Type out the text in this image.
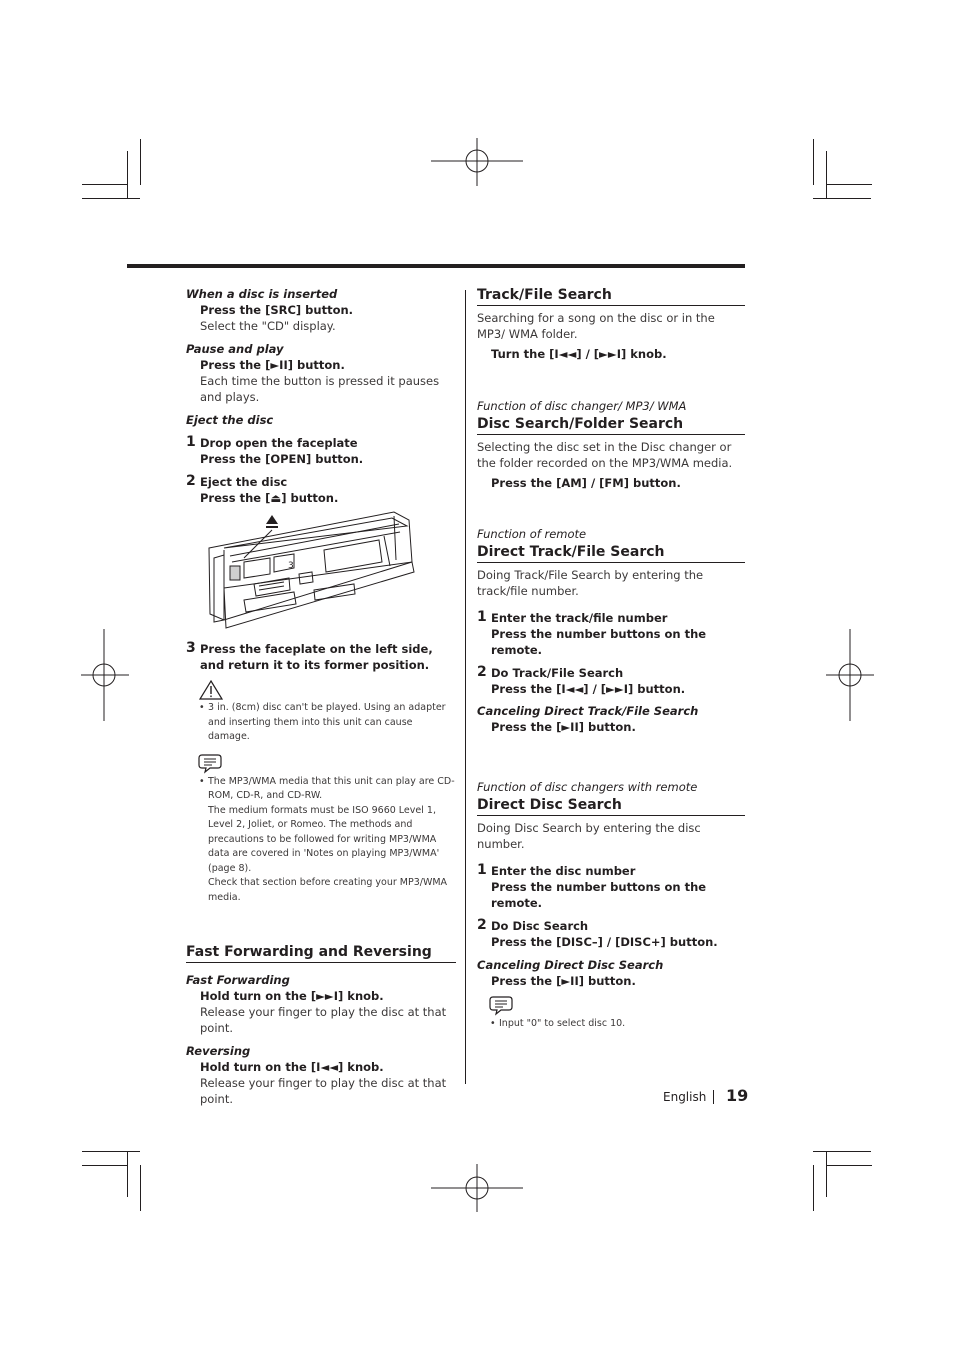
When a disc is inserted
Press the [SRC] button.
Select the "CD" display.
Pause and play
Press the [►II] button.
Each time the button is pressed it pauses and plays.
Eject the disc
1 Drop open the faceplate
Press the [OPEN] button.
2 Eject the disc
Press the [⏏] button.
3
3 Press the faceplate on the left side, and return it to its former position.
• 3 in. (8cm) disc can't be played. Using an adapter and inserting them into this unit can cause damage.
• The MP3/WMA media that this unit can play are CD-ROM, CD-R, and CD-RW.
The medium formats must be ISO 9660 Level 1, Level 2, Joliet, or Romeo. The methods and precautions to be followed for writing MP3/WMA data are covered in 'Notes on playing MP3/WMA' (page 8).
Check that section before creating your MP3/WMA media.
Fast Forwarding and Reversing
Fast Forwarding
Hold turn on the [►►I] knob.
Release your finger to play the disc at that point.
Reversing
Hold turn on the [I◄◄] knob.
Release your finger to play the disc at that point.
Track/File Search
Searching for a song on the disc or in the MP3/ WMA folder.
Turn the [I◄◄] / [►►I] knob.
Function of disc changer/ MP3/ WMA
Disc Search/Folder Search
Selecting the disc set in the Disc changer or the folder recorded on the MP3/WMA media.
Press the [AM] / [FM] button.
Function of remote
Direct Track/File Search
Doing Track/File Search by entering the track/file number.
1 Enter the track/file number
Press the number buttons on the remote.
2 Do Track/File Search
Press the [I◄◄] / [►►I] button.
Canceling Direct Track/File Search
Press the [►II] button.
Function of disc changers with remote
Direct Disc Search
Doing Disc Search by entering the disc number.
1 Enter the disc number
Press the number buttons on the remote.
2 Do Disc Search
Press the [DISC–] / [DISC+] button.
Canceling Direct Disc Search
Press the [►II] button.
• Input "0" to select disc 10.
English 19
